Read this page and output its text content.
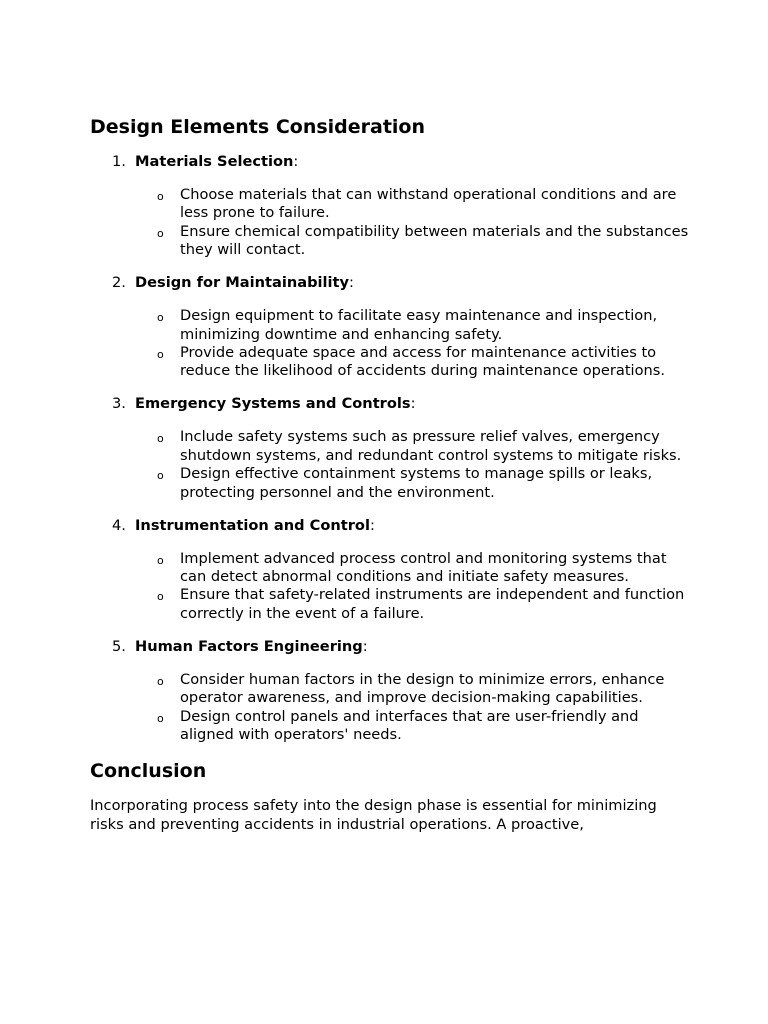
Design Elements Consideration
1. Materials Selection:

o Choose materials that can withstand operational conditions and are less prone to failure.
o Ensure chemical compatibility between materials and the substances they will contact.
2. Design for Maintainability:

o Design equipment to facilitate easy maintenance and inspection, minimizing downtime and enhancing safety.
o Provide adequate space and access for maintenance activities to reduce the likelihood of accidents during maintenance operations.
3. Emergency Systems and Controls:

o Include safety systems such as pressure relief valves, emergency shutdown systems, and redundant control systems to mitigate risks.
o Design effective containment systems to manage spills or leaks, protecting personnel and the environment.
4. Instrumentation and Control:

o Implement advanced process control and monitoring systems that can detect abnormal conditions and initiate safety measures.
o Ensure that safety-related instruments are independent and function correctly in the event of a failure.
5. Human Factors Engineering:

o Consider human factors in the design to minimize errors, enhance operator awareness, and improve decision-making capabilities.
o Design control panels and interfaces that are user-friendly and aligned with operators' needs.
Conclusion

Incorporating process safety into the design phase is essential for minimizing risks and preventing accidents in industrial operations. A proactive,
